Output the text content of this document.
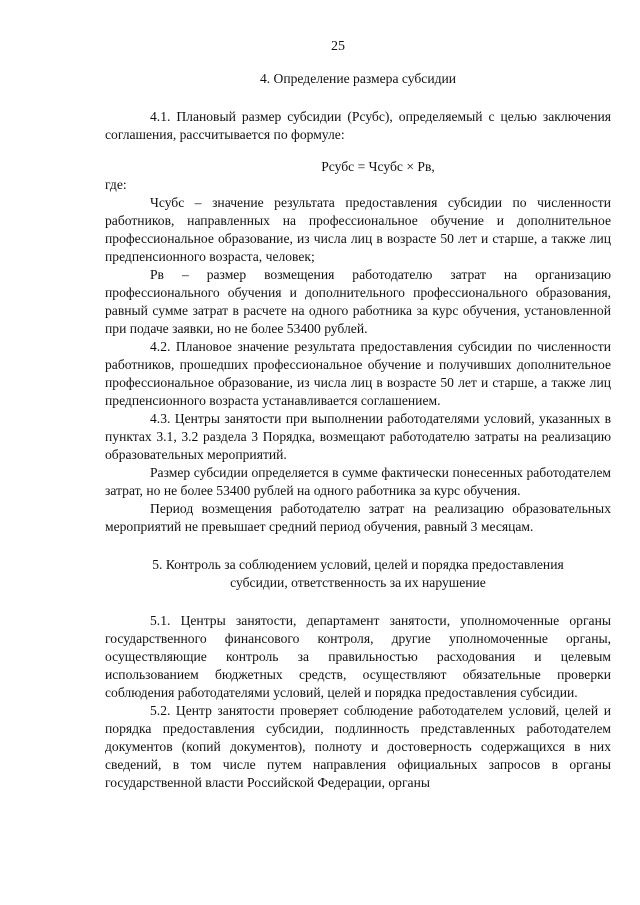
25

4. Определение размера субсидии

4.1. Плановый размер субсидии (Рсубс), определяемый с целью заключения соглашения, рассчитывается по формуле:

Рсубс = Чсубс × Рв,

где:

Чсубс – значение результата предоставления субсидии по численности работников, направленных на профессиональное обучение и дополнительное профессиональное образование, из числа лиц в возрасте 50 лет и старше, а также лиц предпенсионного возраста, человек;

Рв – размер возмещения работодателю затрат на организацию профессионального обучения и дополнительного профессионального образования, равный сумме затрат в расчете на одного работника за курс обучения, установленной при подаче заявки, но не более 53400 рублей.

4.2. Плановое значение результата предоставления субсидии по численности работников, прошедших профессиональное обучение и получивших дополнительное профессиональное образование, из числа лиц в возрасте 50 лет и старше, а также лиц предпенсионного возраста устанавливается соглашением.

4.3. Центры занятости при выполнении работодателями условий, указанных в пунктах 3.1, 3.2 раздела 3 Порядка, возмещают работодателю затраты на реализацию образовательных мероприятий.

Размер субсидии определяется в сумме фактически понесенных работодателем затрат, но не более 53400 рублей на одного работника за курс обучения.

Период возмещения работодателю затрат на реализацию образовательных мероприятий не превышает средний период обучения, равный 3 месяцам.

5. Контроль за соблюдением условий, целей и порядка предоставления

субсидии, ответственность за их нарушение

5.1. Центры занятости, департамент занятости, уполномоченные органы государственного финансового контроля, другие уполномоченные органы, осуществляющие контроль за правильностью расходования и целевым использованием бюджетных средств, осуществляют обязательные проверки соблюдения работодателями условий, целей и порядка предоставления субсидии.

5.2. Центр занятости проверяет соблюдение работодателем условий, целей и порядка предоставления субсидии, подлинность представленных работодателем документов (копий документов), полноту и достоверность содержащихся в них сведений, в том числе путем направления официальных запросов в органы государственной власти Российской Федерации, органы
